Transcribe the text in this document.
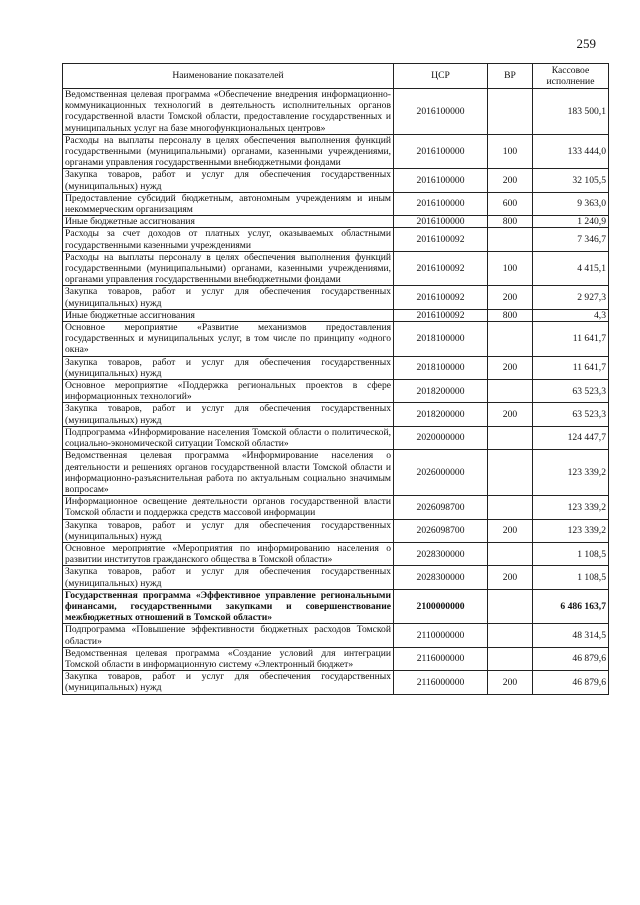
259
Наименование показателей	ЦСР	ВР	Кассовое исполнение
Ведомственная целевая программа «Обеспечение внедрения информационно-коммуникационных технологий в деятельность исполнительных органов государственной власти Томской области, предоставление государственных и муниципальных услуг на базе многофункциональных центров»	2016100000		183 500,1
Расходы на выплаты персоналу в целях обеспечения выполнения функций государственными (муниципальными) органами, казенными учреждениями, органами управления государственными внебюджетными фондами	2016100000	100	133 444,0
Закупка товаров, работ и услуг для обеспечения государственных (муниципальных) нужд	2016100000	200	32 105,5
Предоставление субсидий бюджетным, автономным учреждениям и иным некоммерческим организациям	2016100000	600	9 363,0
Иные бюджетные ассигнования	2016100000	800	1 240,9
Расходы за счет доходов от платных услуг, оказываемых областными государственными казенными учреждениями	2016100092		7 346,7
Расходы на выплаты персоналу в целях обеспечения выполнения функций государственными (муниципальными) органами, казенными учреждениями, органами управления государственными внебюджетными фондами	2016100092	100	4 415,1
Закупка товаров, работ и услуг для обеспечения государственных (муниципальных) нужд	2016100092	200	2 927,3
Иные бюджетные ассигнования	2016100092	800	4,3
Основное мероприятие «Развитие механизмов предоставления государственных и муниципальных услуг, в том числе по принципу «одного окна»	2018100000		11 641,7
Закупка товаров, работ и услуг для обеспечения государственных (муниципальных) нужд	2018100000	200	11 641,7
Основное мероприятие «Поддержка региональных проектов в сфере информационных технологий»	2018200000		63 523,3
Закупка товаров, работ и услуг для обеспечения государственных (муниципальных) нужд	2018200000	200	63 523,3
Подпрограмма «Информирование населения Томской области о политической, социально-экономической ситуации Томской области»	2020000000		124 447,7
Ведомственная целевая программа «Информирование населения о деятельности и решениях органов государственной власти Томской области и информационно-разъяснительная работа по актуальным социально значимым вопросам»	2026000000		123 339,2
Информационное освещение деятельности органов государственной власти Томской области и поддержка средств массовой информации	2026098700		123 339,2
Закупка товаров, работ и услуг для обеспечения государственных (муниципальных) нужд	2026098700	200	123 339,2
Основное мероприятие «Мероприятия по информированию населения о развитии институтов гражданского общества в Томской области»	2028300000		1 108,5
Закупка товаров, работ и услуг для обеспечения государственных (муниципальных) нужд	2028300000	200	1 108,5
Государственная программа «Эффективное управление региональными финансами, государственными закупками и совершенствование межбюджетных отношений в Томской области»	2100000000		6 486 163,7
Подпрограмма «Повышение эффективности бюджетных расходов Томской области»	2110000000		48 314,5
Ведомственная целевая программа «Создание условий для интеграции Томской области в информационную систему «Электронный бюджет»	2116000000		46 879,6
Закупка товаров, работ и услуг для обеспечения государственных (муниципальных) нужд	2116000000	200	46 879,6
